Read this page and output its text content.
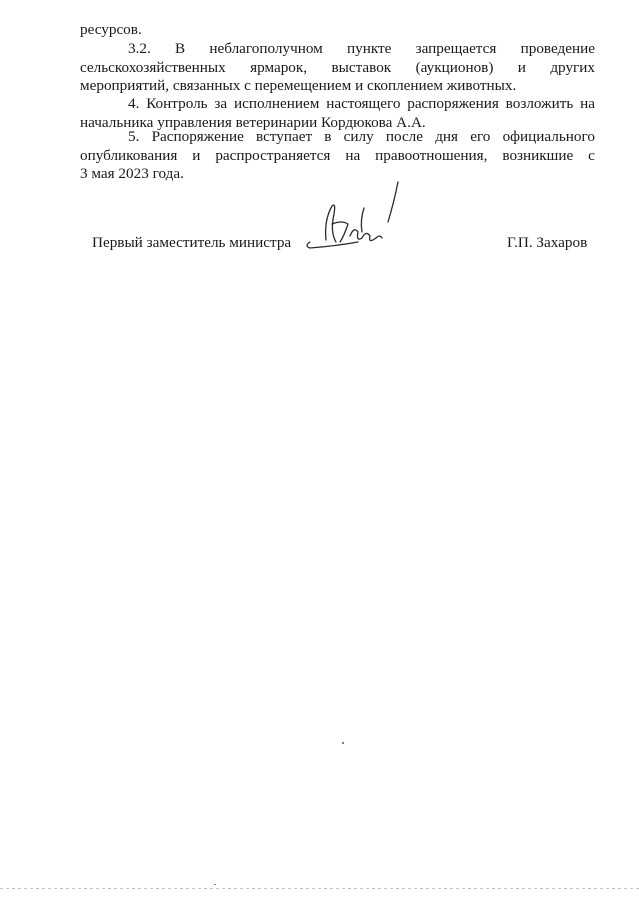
ресурсов.
3.2. В неблагополучном пункте запрещается проведение
сельскохозяйственных ярмарок, выставок (аукционов) и других
мероприятий, связанных с перемещением и скоплением животных.
4. Контроль за исполнением настоящего распоряжения возложить на
начальника управления ветеринарии Кордюкова А.А.
5. Распоряжение вступает в силу после дня его официального
опубликования и распространяется на правоотношения, возникшие с
3 мая 2023 года.
Первый заместитель министра	Г.П. Захаров
